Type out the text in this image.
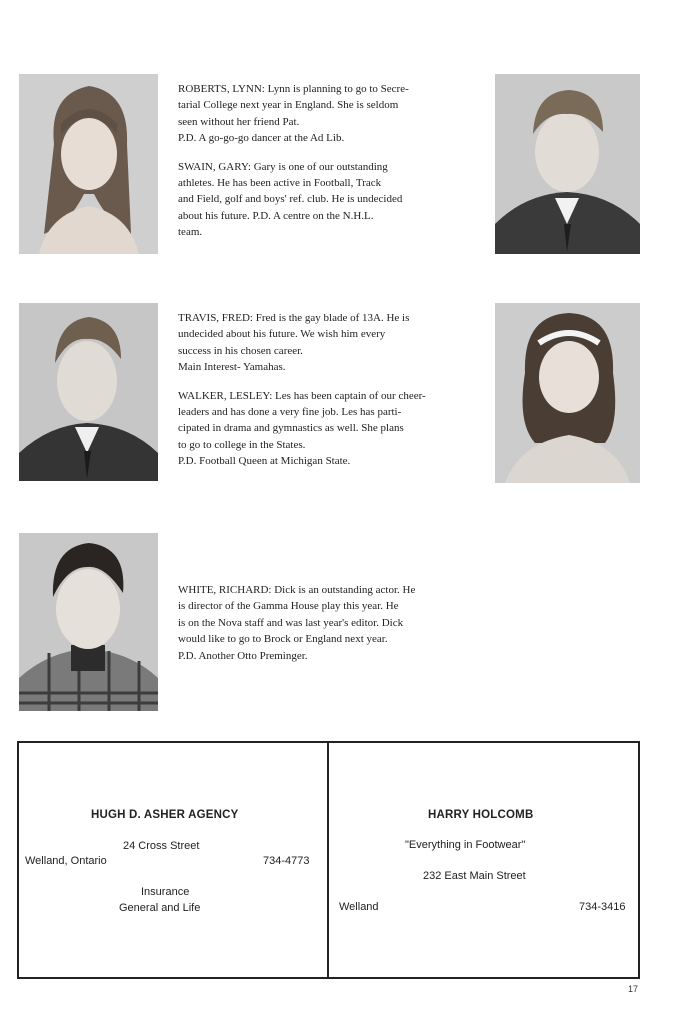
ROBERTS, LYNN: Lynn is planning to go to Secre-
tarial College next year in England. She is seldom
seen without her friend Pat.
P.D. A go-go-go dancer at the Ad Lib.

SWAIN, GARY: Gary is one of our outstanding
athletes. He has been active in Football, Track
and Field, golf and boys' ref. club. He is undecided
about his future. P.D. A centre on the N.H.L.
team.

TRAVIS, FRED: Fred is the gay blade of 13A. He is
undecided about his future. We wish him every
success in his chosen career.
Main Interest- Yamahas.

WALKER, LESLEY: Les has been captain of our cheer-
leaders and has done a very fine job. Les has parti-
cipated in drama and gymnastics as well. She plans
to go to college in the States.
P.D. Football Queen at Michigan State.

WHITE, RICHARD: Dick is an outstanding actor. He
is director of the Gamma House play this year. He
is on the Nova staff and was last year's editor. Dick
would like to go to Brock or England next year.
P.D. Another Otto Preminger.

HUGH D. ASHER AGENCY
24 Cross Street
Welland, Ontario	734-4773
Insurance
General and Life
HARRY HOLCOMB
"Everything in Footwear"
232 East Main Street
Welland	734-3416
17
